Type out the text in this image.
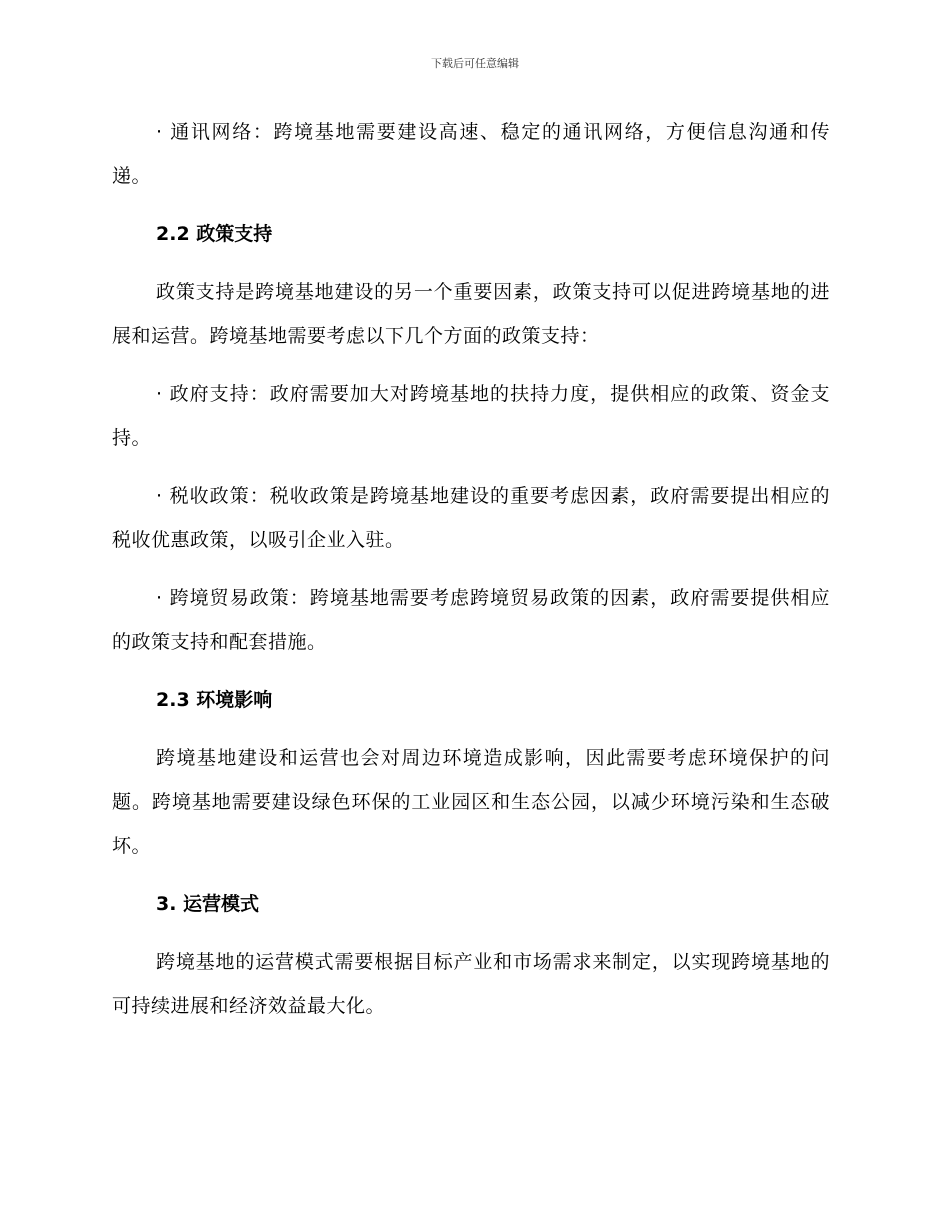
下载后可任意编辑

· 通讯网络：跨境基地需要建设高速、稳定的通讯网络，方便信息沟通和传递。

2.2 政策支持

政策支持是跨境基地建设的另一个重要因素，政策支持可以促进跨境基地的进展和运营。跨境基地需要考虑以下几个方面的政策支持：

· 政府支持：政府需要加大对跨境基地的扶持力度，提供相应的政策、资金支持。

· 税收政策：税收政策是跨境基地建设的重要考虑因素，政府需要提出相应的税收优惠政策，以吸引企业入驻。

· 跨境贸易政策：跨境基地需要考虑跨境贸易政策的因素，政府需要提供相应的政策支持和配套措施。

2.3 环境影响

跨境基地建设和运营也会对周边环境造成影响，因此需要考虑环境保护的问题。跨境基地需要建设绿色环保的工业园区和生态公园，以减少环境污染和生态破坏。

3. 运营模式

跨境基地的运营模式需要根据目标产业和市场需求来制定，以实现跨境基地的可持续进展和经济效益最大化。
